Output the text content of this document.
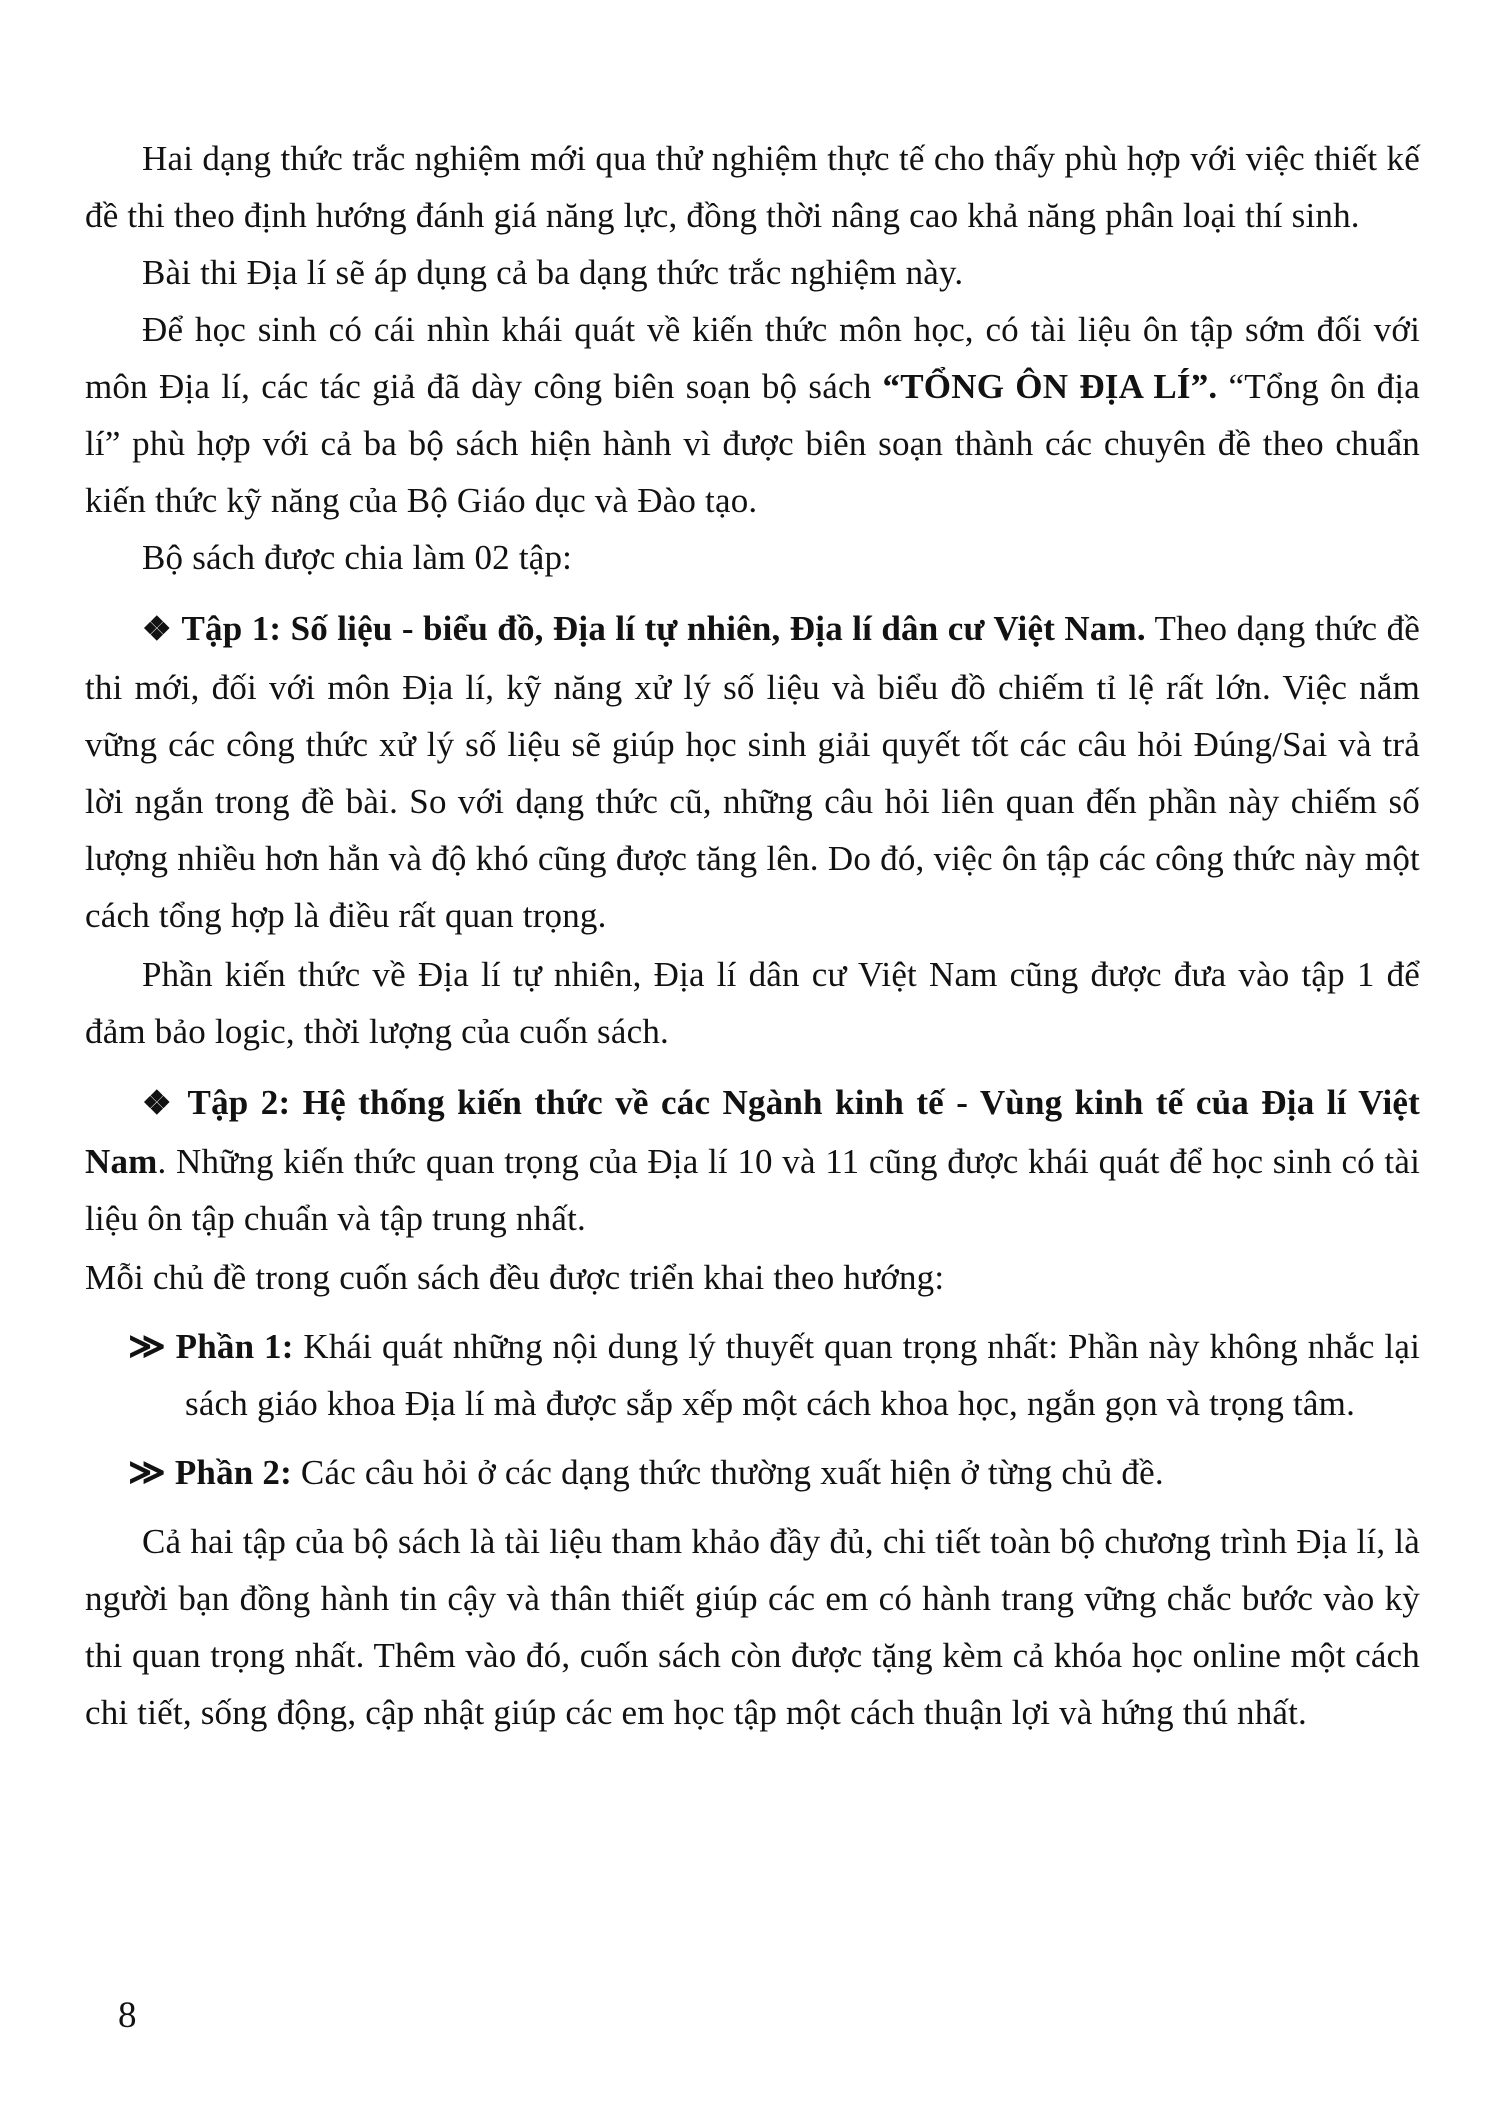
Hai dạng thức trắc nghiệm mới qua thử nghiệm thực tế cho thấy phù hợp với việc thiết kế đề thi theo định hướng đánh giá năng lực, đồng thời nâng cao khả năng phân loại thí sinh.

Bài thi Địa lí sẽ áp dụng cả ba dạng thức trắc nghiệm này.

Để học sinh có cái nhìn khái quát về kiến thức môn học, có tài liệu ôn tập sớm đối với môn Địa lí, các tác giả đã dày công biên soạn bộ sách “TỔNG ÔN ĐỊA LÍ”. “Tổng ôn địa lí” phù hợp với cả ba bộ sách hiện hành vì được biên soạn thành các chuyên đề theo chuẩn kiến thức kỹ năng của Bộ Giáo dục và Đào tạo.

Bộ sách được chia làm 02 tập:

❖ Tập 1: Số liệu - biểu đồ, Địa lí tự nhiên, Địa lí dân cư Việt Nam. Theo dạng thức đề thi mới, đối với môn Địa lí, kỹ năng xử lý số liệu và biểu đồ chiếm tỉ lệ rất lớn. Việc nắm vững các công thức xử lý số liệu sẽ giúp học sinh giải quyết tốt các câu hỏi Đúng/Sai và trả lời ngắn trong đề bài. So với dạng thức cũ, những câu hỏi liên quan đến phần này chiếm số lượng nhiều hơn hẳn và độ khó cũng được tăng lên. Do đó, việc ôn tập các công thức này một cách tổng hợp là điều rất quan trọng.

Phần kiến thức về Địa lí tự nhiên, Địa lí dân cư Việt Nam cũng được đưa vào tập 1 để đảm bảo logic, thời lượng của cuốn sách.

❖ Tập 2: Hệ thống kiến thức về các Ngành kinh tế - Vùng kinh tế của Địa lí Việt Nam. Những kiến thức quan trọng của Địa lí 10 và 11 cũng được khái quát để học sinh có tài liệu ôn tập chuẩn và tập trung nhất.

Mỗi chủ đề trong cuốn sách đều được triển khai theo hướng:

≫ Phần 1: Khái quát những nội dung lý thuyết quan trọng nhất: Phần này không nhắc lại sách giáo khoa Địa lí mà được sắp xếp một cách khoa học, ngắn gọn và trọng tâm.

≫ Phần 2: Các câu hỏi ở các dạng thức thường xuất hiện ở từng chủ đề.

Cả hai tập của bộ sách là tài liệu tham khảo đầy đủ, chi tiết toàn bộ chương trình Địa lí, là người bạn đồng hành tin cậy và thân thiết giúp các em có hành trang vững chắc bước vào kỳ thi quan trọng nhất. Thêm vào đó, cuốn sách còn được tặng kèm cả khóa học online một cách chi tiết, sống động, cập nhật giúp các em học tập một cách thuận lợi và hứng thú nhất.

8
